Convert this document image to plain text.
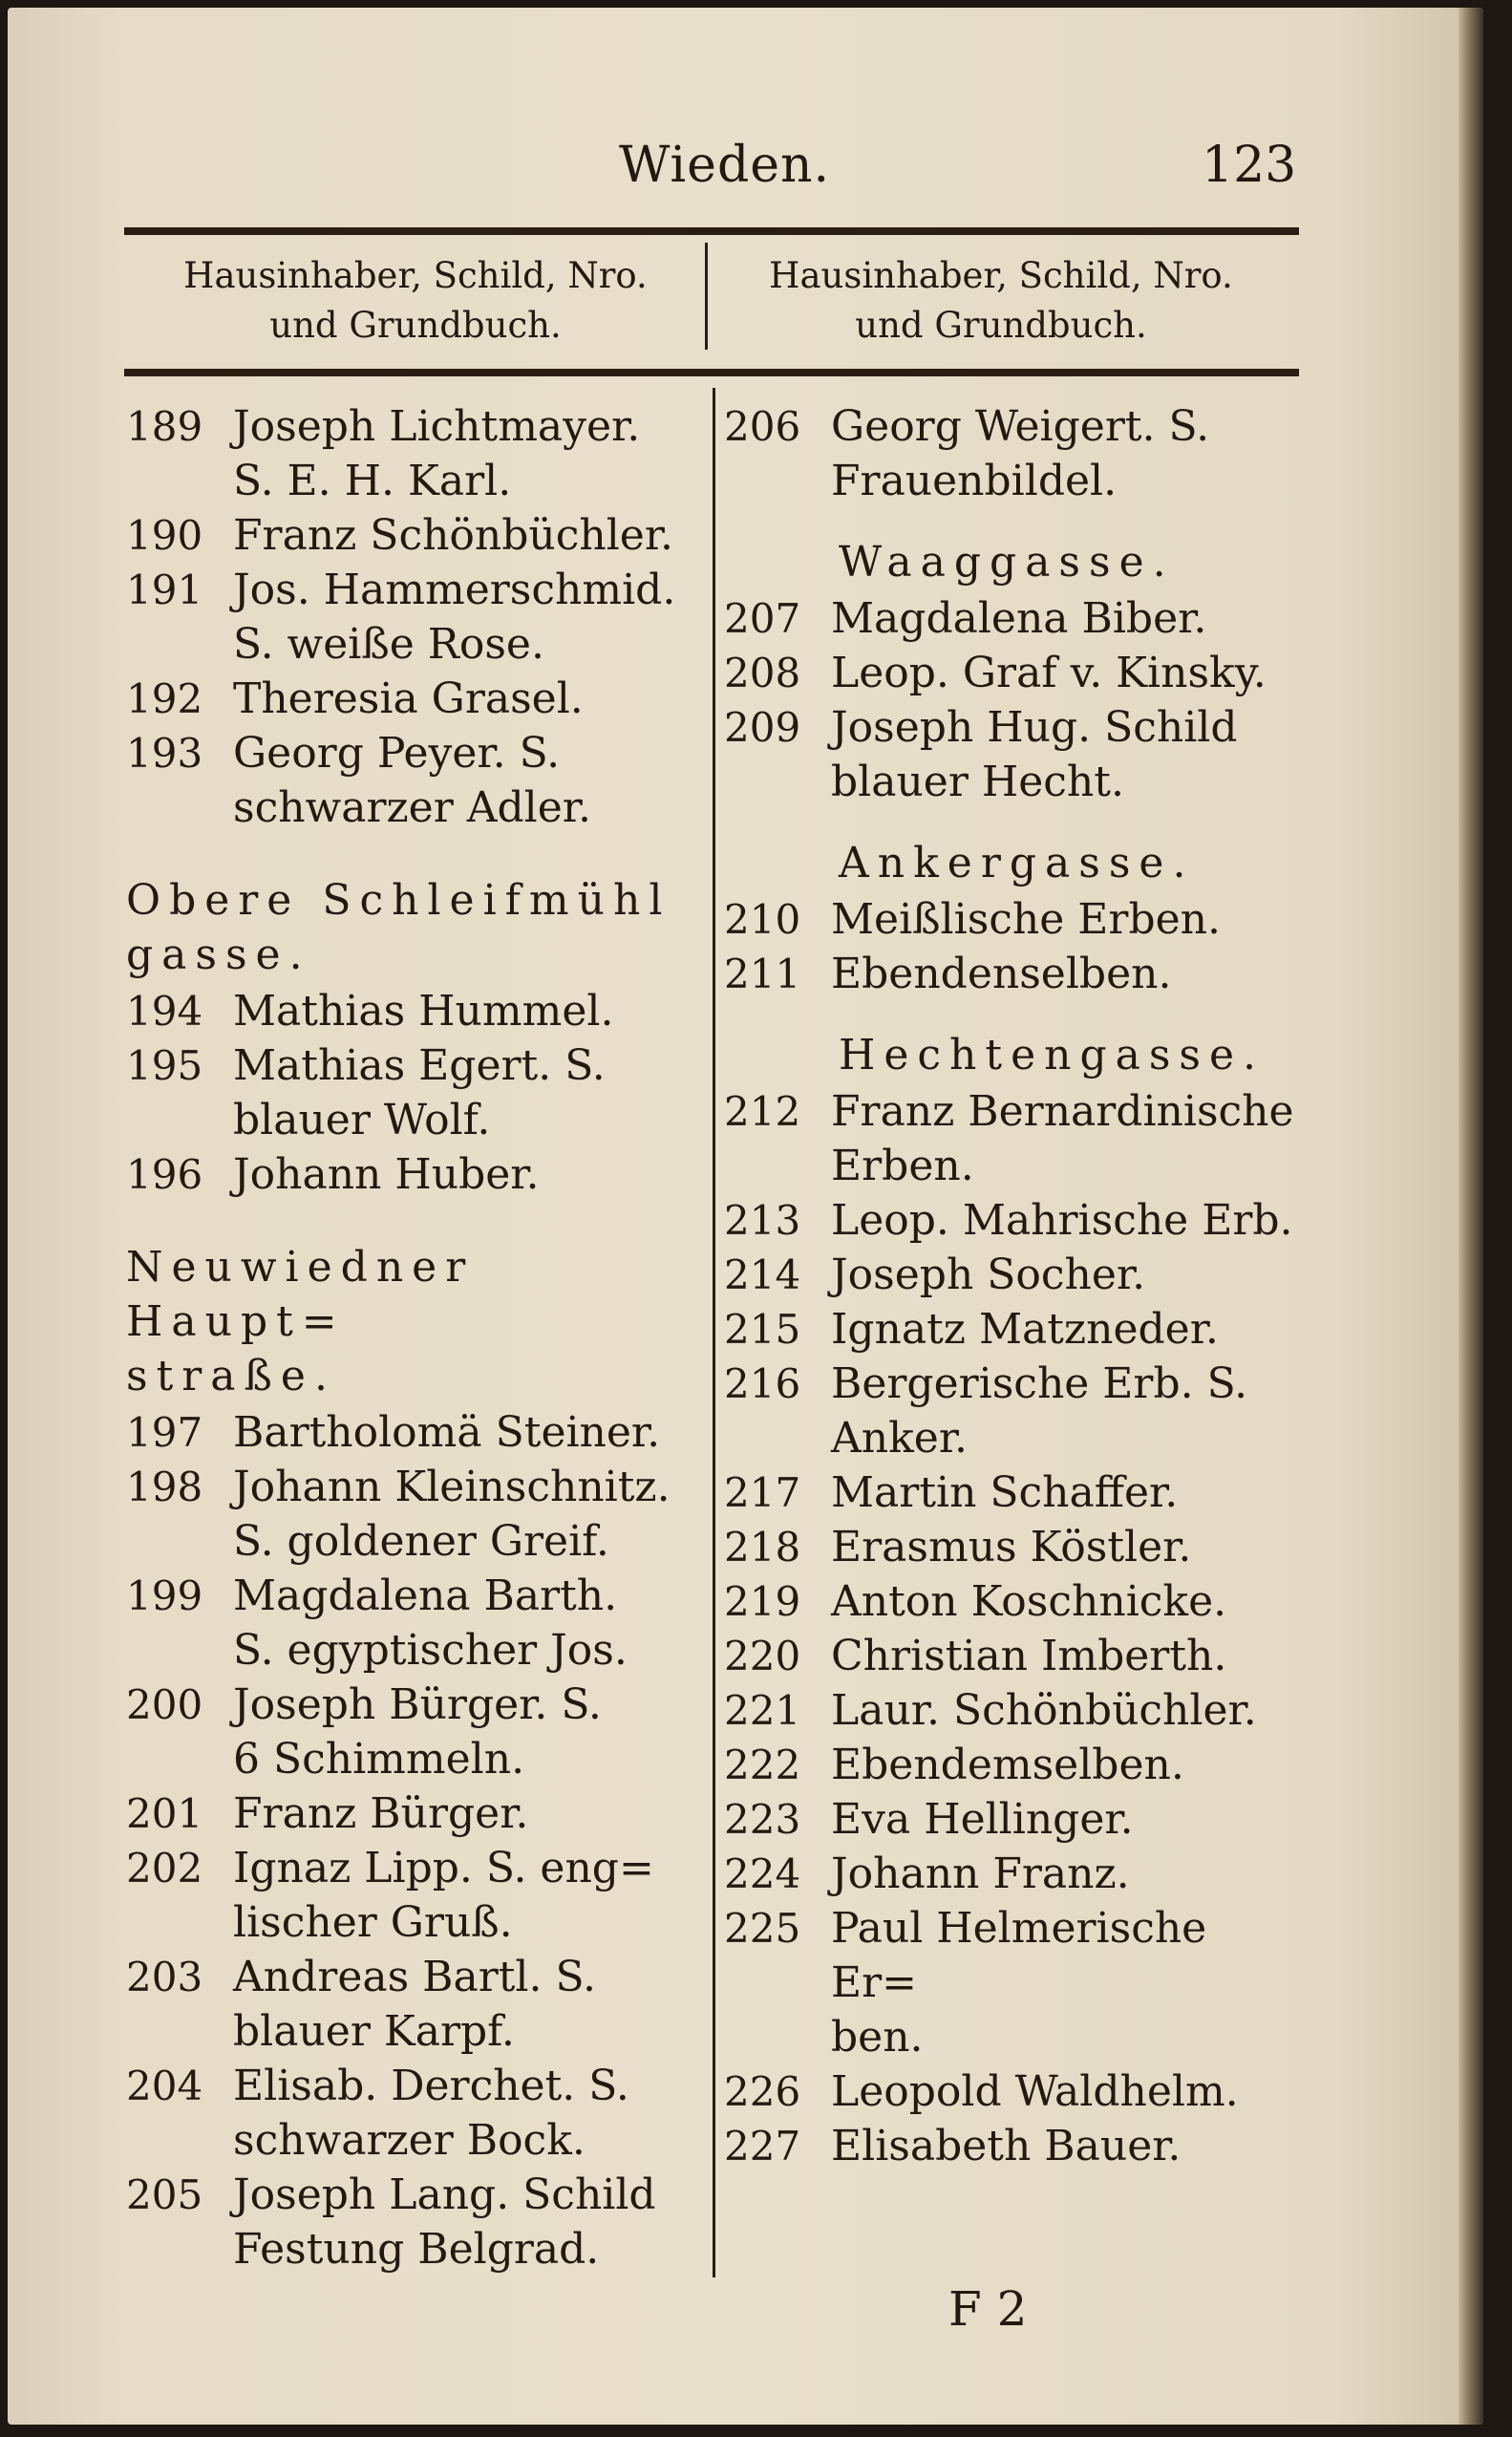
Wieden.	123
Hausinhaber, Schild, Nro.
und Grundbuch.
Hausinhaber, Schild, Nro.
und Grundbuch.
189 Joseph Lichtmayer.
S. E. H. Karl.
190 Franz Schönbüchler.
191 Jos. Hammerschmid.
S. weiße Rose.
192 Theresia Grasel.
193 Georg Peyer. S.
schwarzer Adler.
Obere Schleifmühl
gasse.
194 Mathias Hummel.
195 Mathias Egert. S.
blauer Wolf.
196 Johann Huber.
Neuwiedner Haupt=
straße.
197 Bartholomä Steiner.
198 Johann Kleinschnitz.
S. goldener Greif.
199 Magdalena Barth.
S. egyptischer Jos.
200 Joseph Bürger. S.
6 Schimmeln.
201 Franz Bürger.
202 Ignaz Lipp. S. eng=
lischer Gruß.
203 Andreas Bartl. S.
blauer Karpf.
204 Elisab. Derchet. S.
schwarzer Bock.
205 Joseph Lang. Schild
Festung Belgrad.
206 Georg Weigert. S.
Frauenbildel.
Waaggasse.
207 Magdalena Biber.
208 Leop. Graf v. Kinsky.
209 Joseph Hug. Schild
blauer Hecht.
Ankergasse.
210 Meißlische Erben.
211 Ebendenselben.
Hechtengasse.
212 Franz Bernardinische
Erben.
213 Leop. Mahrische Erb.
214 Joseph Socher.
215 Ignatz Matzneder.
216 Bergerische Erb. S.
Anker.
217 Martin Schaffer.
218 Erasmus Köstler.
219 Anton Koschnicke.
220 Christian Imberth.
221 Laur. Schönbüchler.
222 Ebendemselben.
223 Eva Hellinger.
224 Johann Franz.
225 Paul Helmerische Er=
ben.
226 Leopold Waldhelm.
227 Elisabeth Bauer.
F 2
